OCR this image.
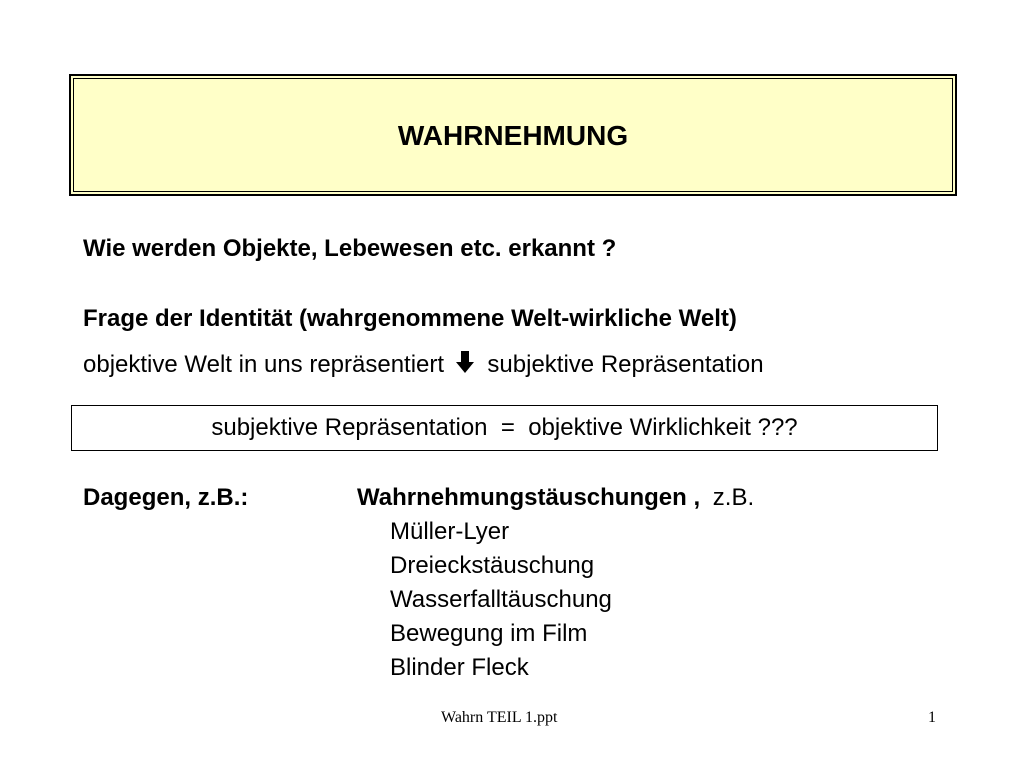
WAHRNEHMUNG
Wie werden Objekte, Lebewesen etc. erkannt ?
Frage der Identität (wahrgenommene Welt-wirkliche Welt)
objektive Welt in uns repräsentiert subjektive Repräsentation
subjektive Repräsentation  =  objektive Wirklichkeit ???
Dagegen, z.B.:	Wahrnehmungstäuschungen , z.B.
Müller-Lyer
Dreieckstäuschung
Wasserfalltäuschung
Bewegung im Film
Blinder Fleck
Wahrn TEIL 1.ppt	1
